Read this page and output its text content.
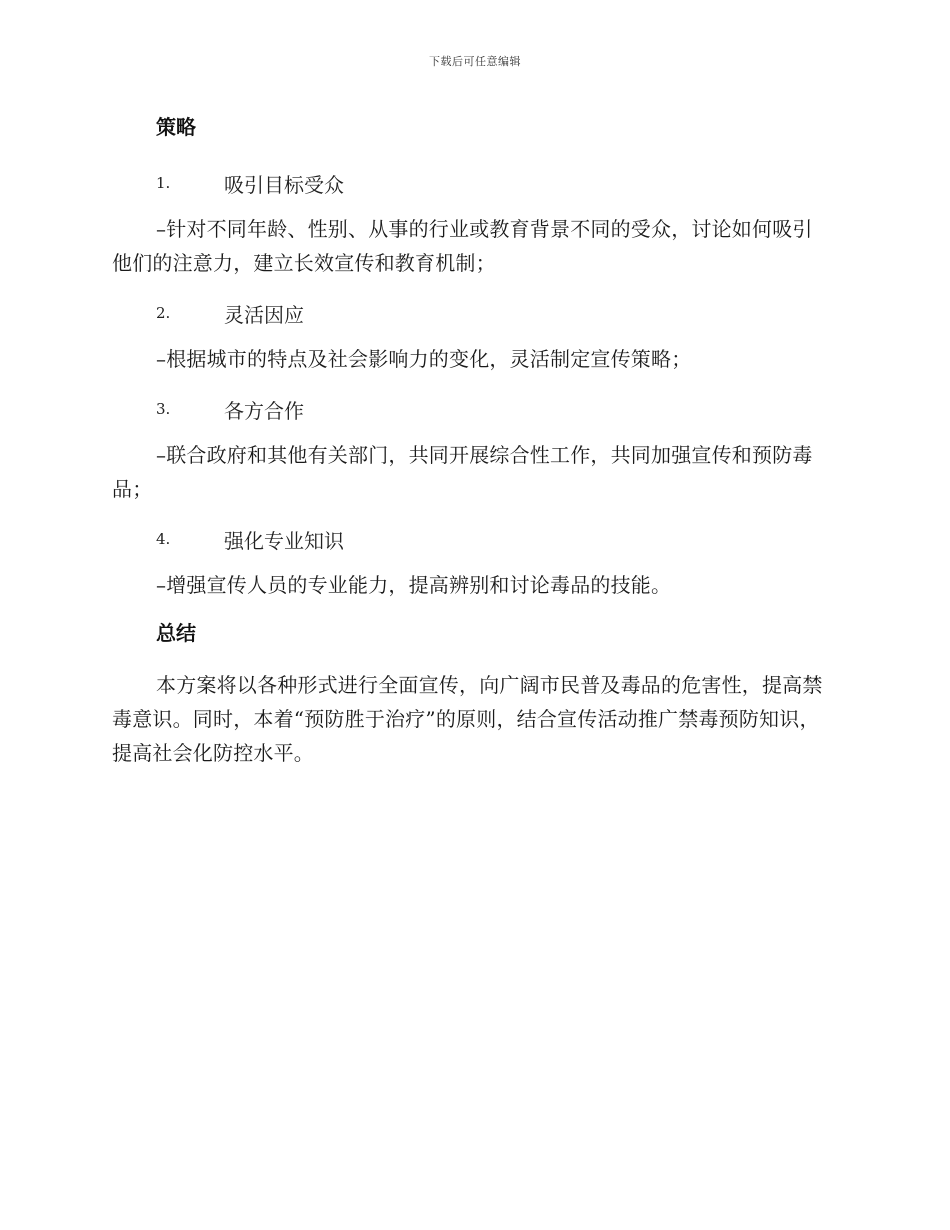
下载后可任意编辑
策略
1.	吸引目标受众

–针对不同年龄、性别、从事的行业或教育背景不同的受众，讨论如何吸引他们的注意力，建立长效宣传和教育机制；

2.	灵活因应

–根据城市的特点及社会影响力的变化，灵活制定宣传策略；

3.	各方合作

–联合政府和其他有关部门，共同开展综合性工作，共同加强宣传和预防毒品；

4.	强化专业知识

–增强宣传人员的专业能力，提高辨别和讨论毒品的技能。

总结

本方案将以各种形式进行全面宣传，向广阔市民普及毒品的危害性，提高禁毒意识。同时，本着“预防胜于治疗”的原则，结合宣传活动推广禁毒预防知识，提高社会化防控水平。
